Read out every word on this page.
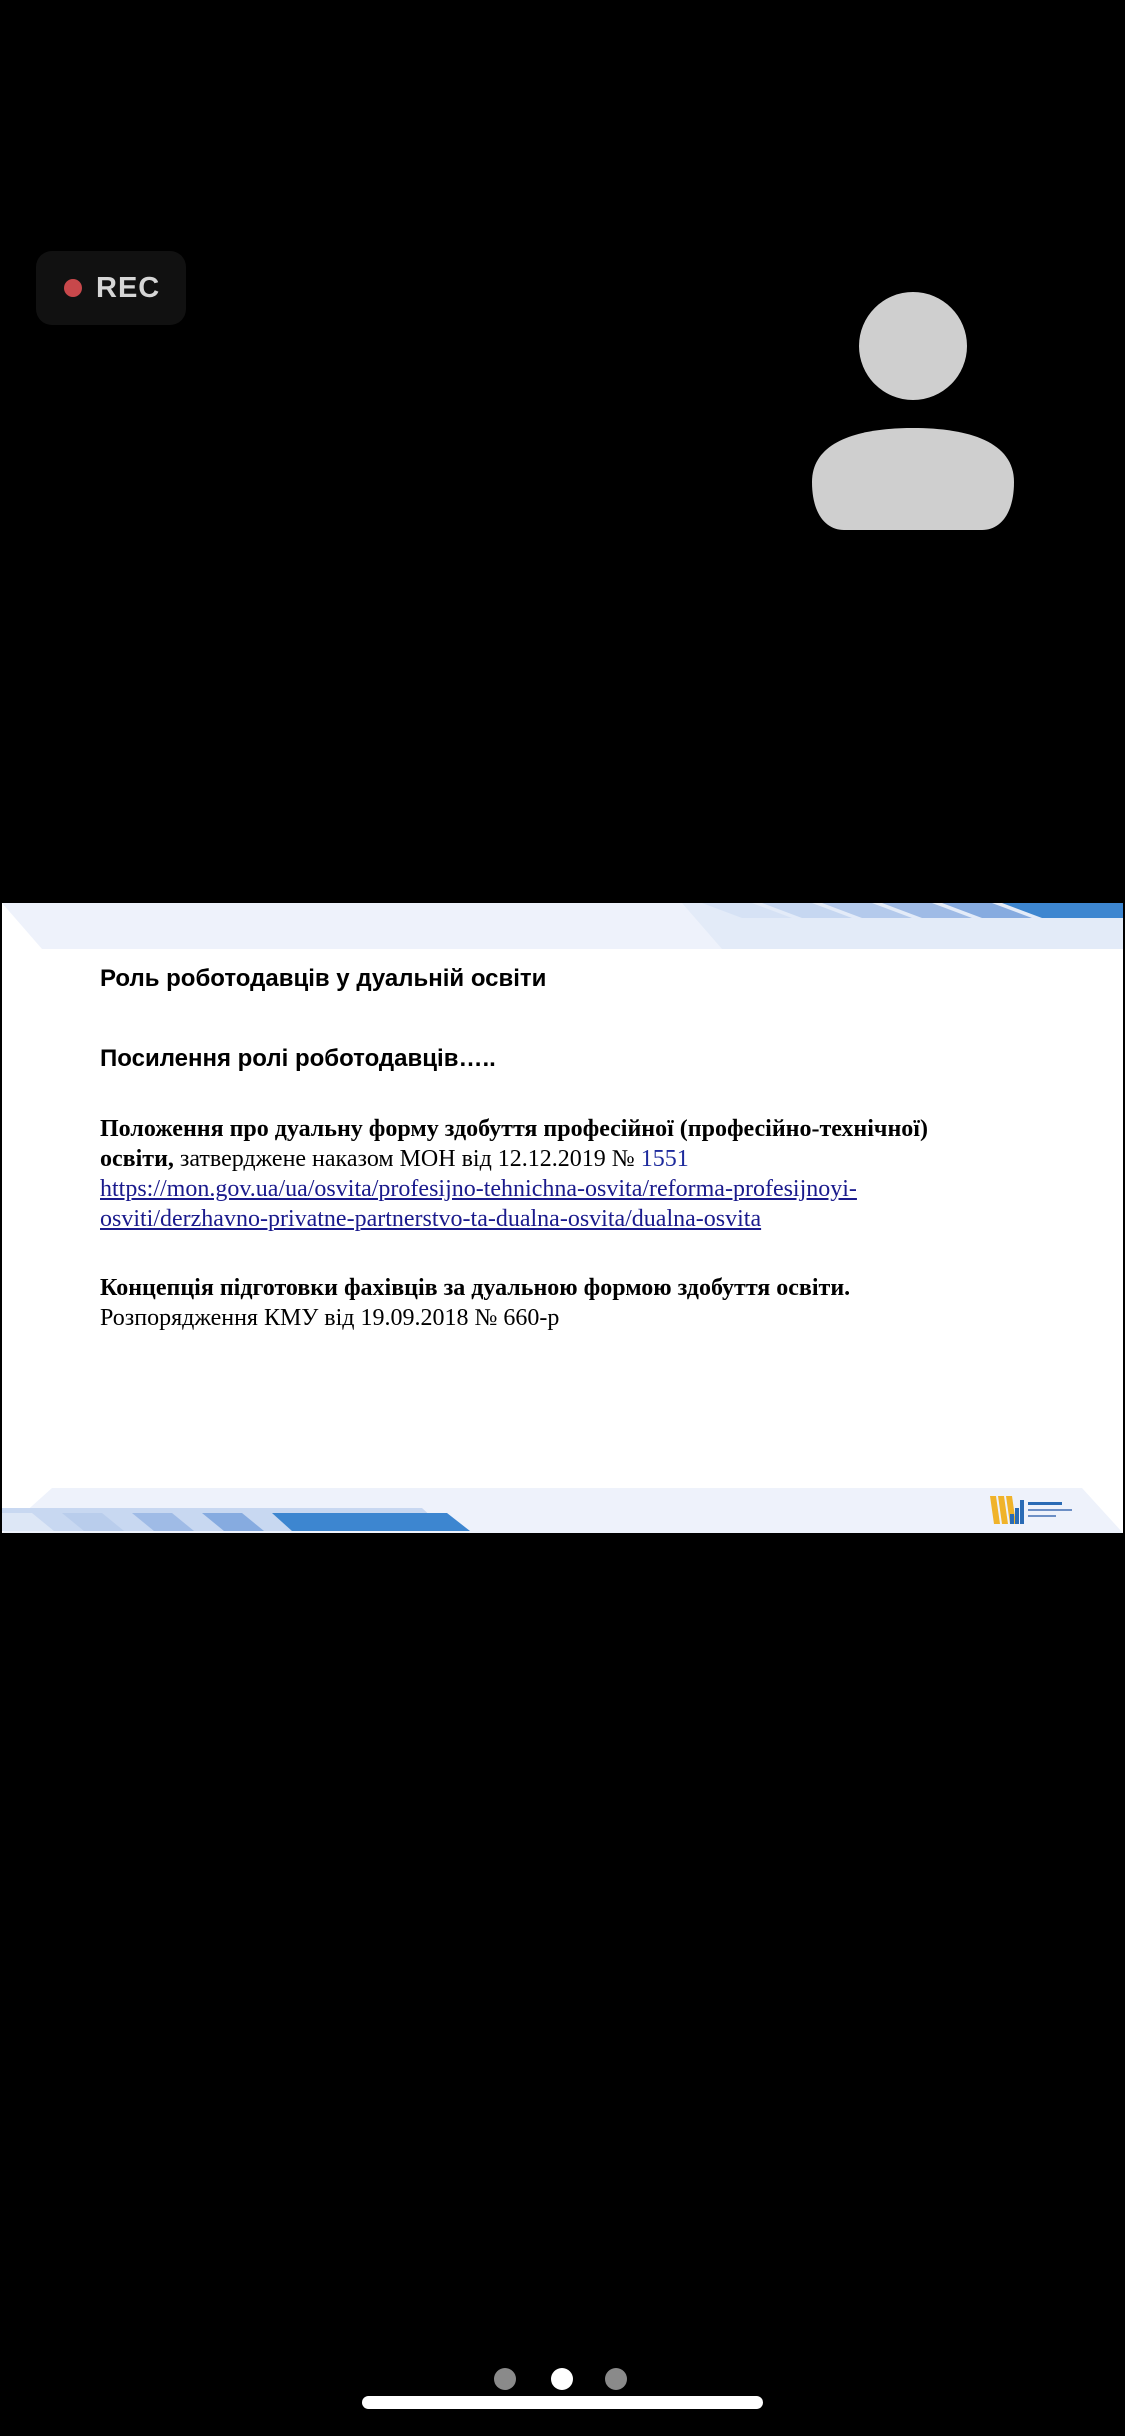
REC
Роль роботодавців у дуальній освіти
Посилення ролі роботодавців…..
Положення про дуальну форму здобуття професійної (професійно-технічної) освіти, затверджене наказом МОН від 12.12.2019 № 1551
https://mon.gov.ua/ua/osvita/profesijno-tehnichna-osvita/reforma-profesijnoyi-osviti/derzhavno-privatne-partnerstvo-ta-dualna-osvita/dualna-osvita
Концепція підготовки фахівців за дуальною формою здобуття освіти.
Розпорядження КМУ від 19.09.2018 № 660-р
